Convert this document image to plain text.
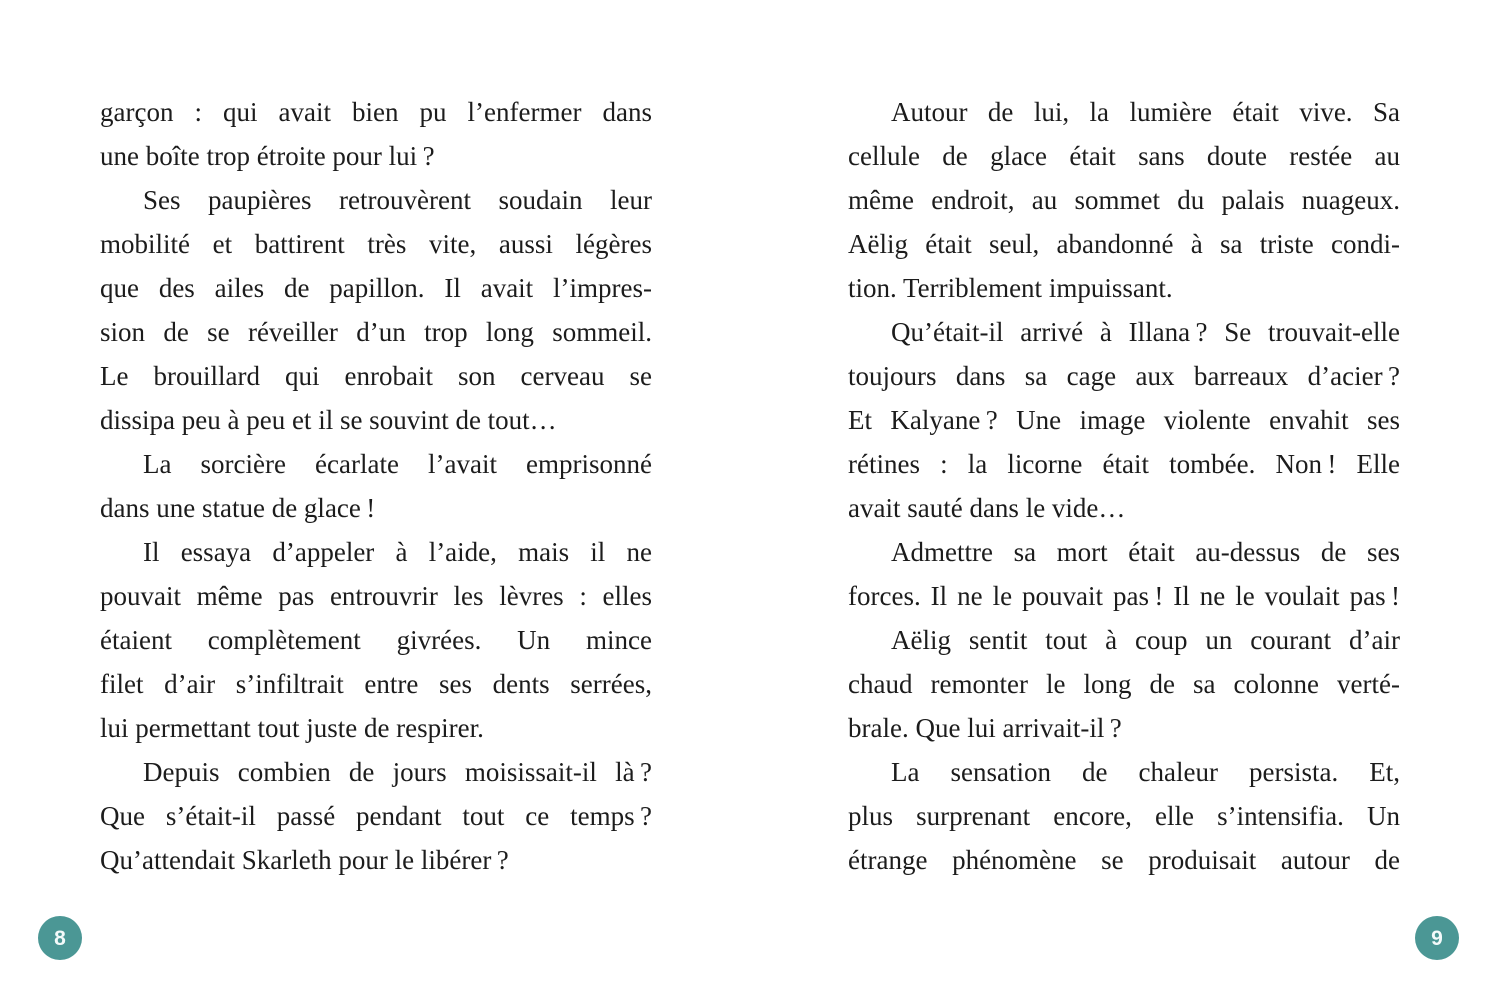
garçon : qui avait bien pu l’enfermer dans
une boîte trop étroite pour lui ?
Ses paupières retrouvèrent soudain leur
mobilité et battirent très vite, aussi légères
que des ailes de papillon. Il avait l’impres-
sion de se réveiller d’un trop long sommeil.
Le brouillard qui enrobait son cerveau se
dissipa peu à peu et il se souvint de tout…
La sorcière écarlate l’avait emprisonné
dans une statue de glace !
Il essaya d’appeler à l’aide, mais il ne
pouvait même pas entrouvrir les lèvres : elles
étaient complètement givrées. Un mince
filet d’air s’infiltrait entre ses dents serrées,
lui permettant tout juste de respirer.
Depuis combien de jours moisissait-il là ?
Que s’était-il passé pendant tout ce temps ?
Qu’attendait Skarleth pour le libérer ?
Autour de lui, la lumière était vive. Sa
cellule de glace était sans doute restée au
même endroit, au sommet du palais nuageux.
Aëlig était seul, abandonné à sa triste condi-
tion. Terriblement impuissant.
Qu’était-il arrivé à Illana ? Se trouvait-elle
toujours dans sa cage aux barreaux d’acier ?
Et Kalyane ? Une image violente envahit ses
rétines : la licorne était tombée. Non ! Elle
avait sauté dans le vide…
Admettre sa mort était au-dessus de ses
forces. Il ne le pouvait pas ! Il ne le voulait pas !
Aëlig sentit tout à coup un courant d’air
chaud remonter le long de sa colonne verté-
brale. Que lui arrivait-il ?
La sensation de chaleur persista. Et,
plus surprenant encore, elle s’intensifia. Un
étrange phénomène se produisait autour de
8	9
